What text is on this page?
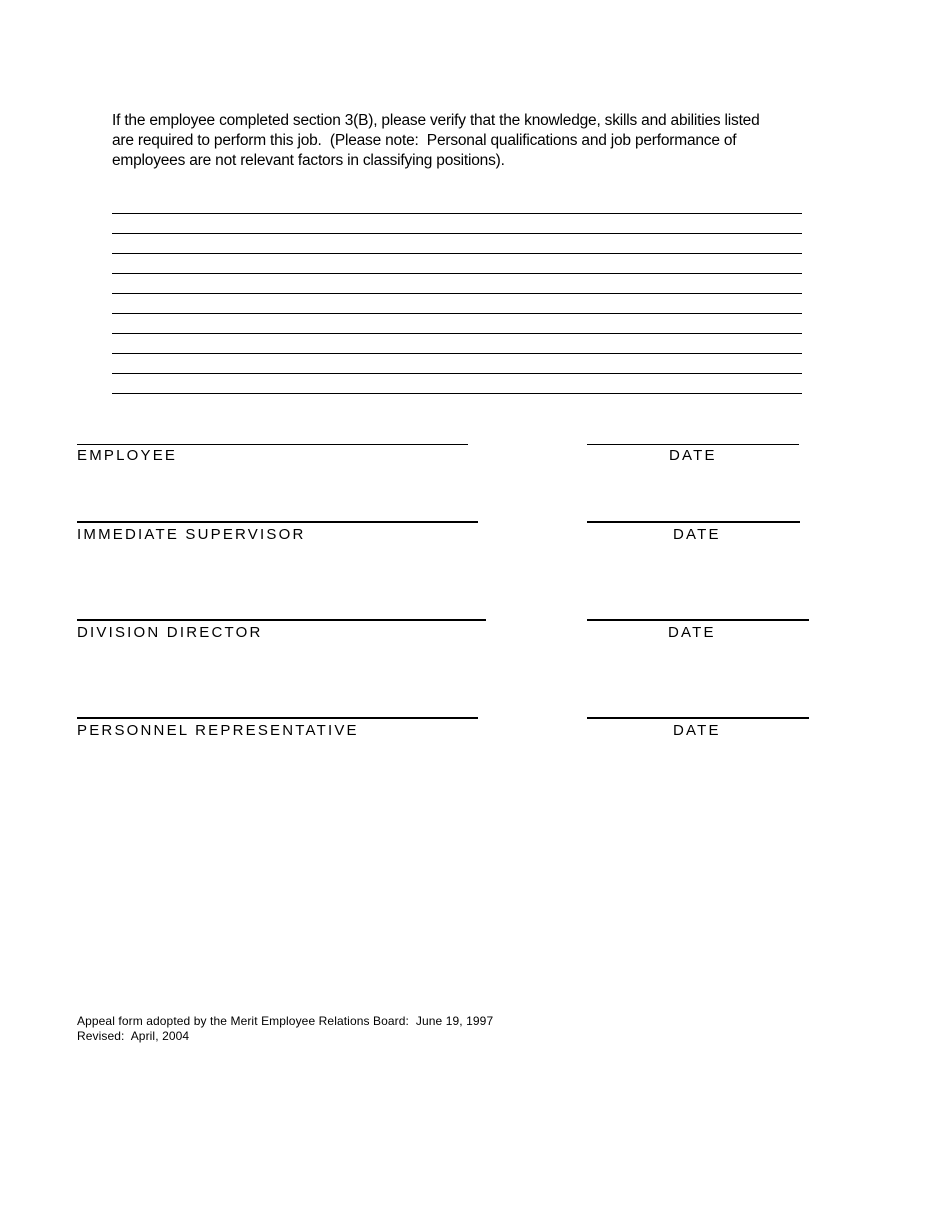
If the employee completed section 3(B), please verify that the knowledge, skills and abilities listed
are required to perform this job.  (Please note:  Personal qualifications and job performance of
employees are not relevant factors in classifying positions).
EMPLOYEE	DATE
IMMEDIATE SUPERVISOR	DATE
DIVISION DIRECTOR	DATE
PERSONNEL REPRESENTATIVE	DATE
Appeal form adopted by the Merit Employee Relations Board:  June 19, 1997
Revised:  April, 2004
